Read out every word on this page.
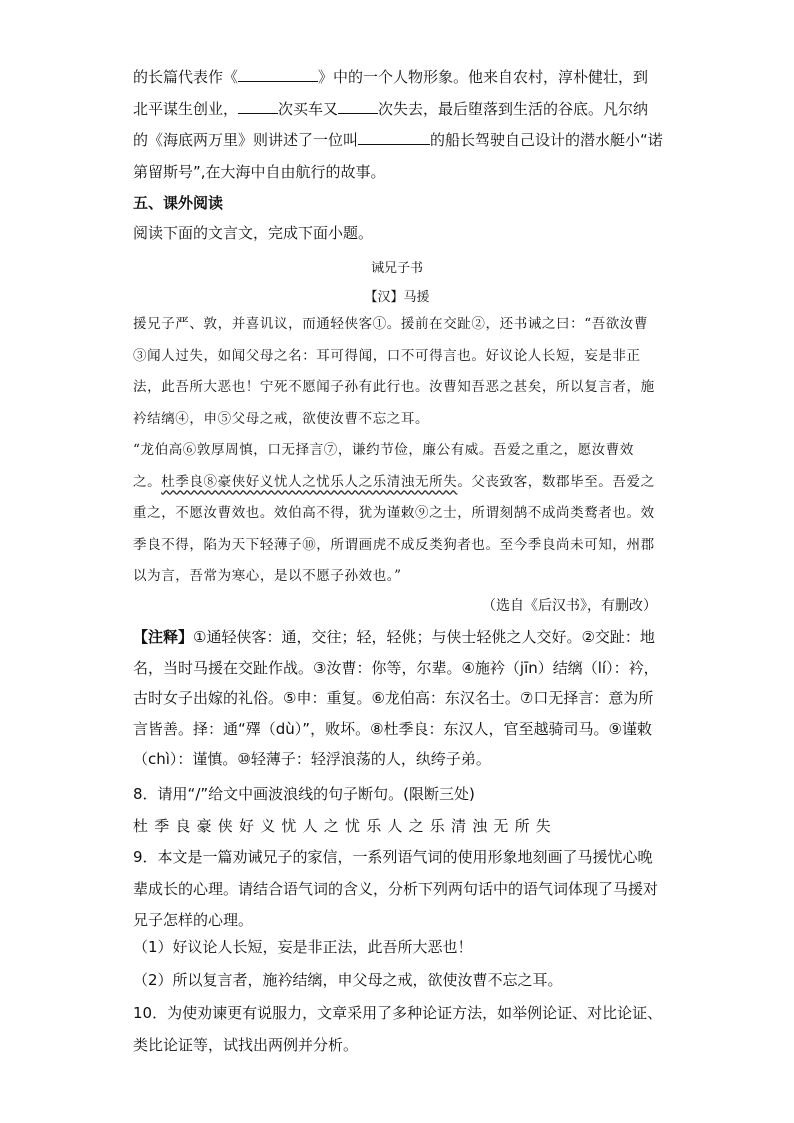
的长篇代表作《	》中的一个人物形象。他来自农村，淳朴健壮，到北平谋生创业，	次买车又	次失去，最后堕落到生活的谷底。凡尔纳的《海底两万里》则讲述了一位叫	的船长驾驶自己设计的潜水艇小“诺第留斯号”,在大海中自由航行的故事。
五、课外阅读
阅读下面的文言文，完成下面小题。
诫兄子书
【汉】马援
援兄子严、敦，并喜讥议，而通轻侠客①。援前在交趾②，还书诫之曰：“吾欲汝曹③闻人过失，如闻父母之名：耳可得闻，口不可得言也。好议论人长短，妄是非正法，此吾所大恶也！宁死不愿闻子孙有此行也。汝曹知吾恶之甚矣，所以复言者，施衿结缡④，申⑤父母之戒，欲使汝曹不忘之耳。
“龙伯高⑥敦厚周慎，口无择言⑦，谦约节俭，廉公有威。吾爱之重之，愿汝曹效之。杜季良⑧豪侠好义忧人之忧乐人之乐清浊无所失。父丧致客，数郡毕至。吾爱之重之，不愿汝曹效也。效伯高不得，犹为谨敕⑨之士，所谓刻鹄不成尚类鹜者也。效季良不得，陷为天下轻薄子⑩，所谓画虎不成反类狗者也。至今季良尚未可知，州郡以为言，吾常为寒心，是以不愿子孙效也。”
（选自《后汉书》，有删改）
【注释】①通轻侠客：通，交往；轻，轻佻；与侠士轻佻之人交好。②交趾：地名，当时马援在交趾作战。③汝曹：你等，尔辈。④施衿（jīn）结缡（lí）：衿，古时女子出嫁的礼俗。⑤申：重复。⑥龙伯高：东汉名士。⑦口无择言：意为所言皆善。择：通“殬（dù）”，败坏。⑧杜季良：东汉人，官至越骑司马。⑨谨敕（chì）：谨慎。⑩轻薄子：轻浮浪荡的人，纨绔子弟。
8．请用“/”给文中画波浪线的句子断句。(限断三处)
杜季良豪侠好义忧人之忧乐人之乐清浊无所失
9．本文是一篇劝诫兄子的家信，一系列语气词的使用形象地刻画了马援忧心晚辈成长的心理。请结合语气词的含义，分析下列两句话中的语气词体现了马援对兄子怎样的心理。
（1）好议论人长短，妄是非正法，此吾所大恶也！
（2）所以复言者，施衿结缡，申父母之戒，欲使汝曹不忘之耳。
10．为使劝谏更有说服力，文章采用了多种论证方法，如举例论证、对比论证、类比论证等，试找出两例并分析。
